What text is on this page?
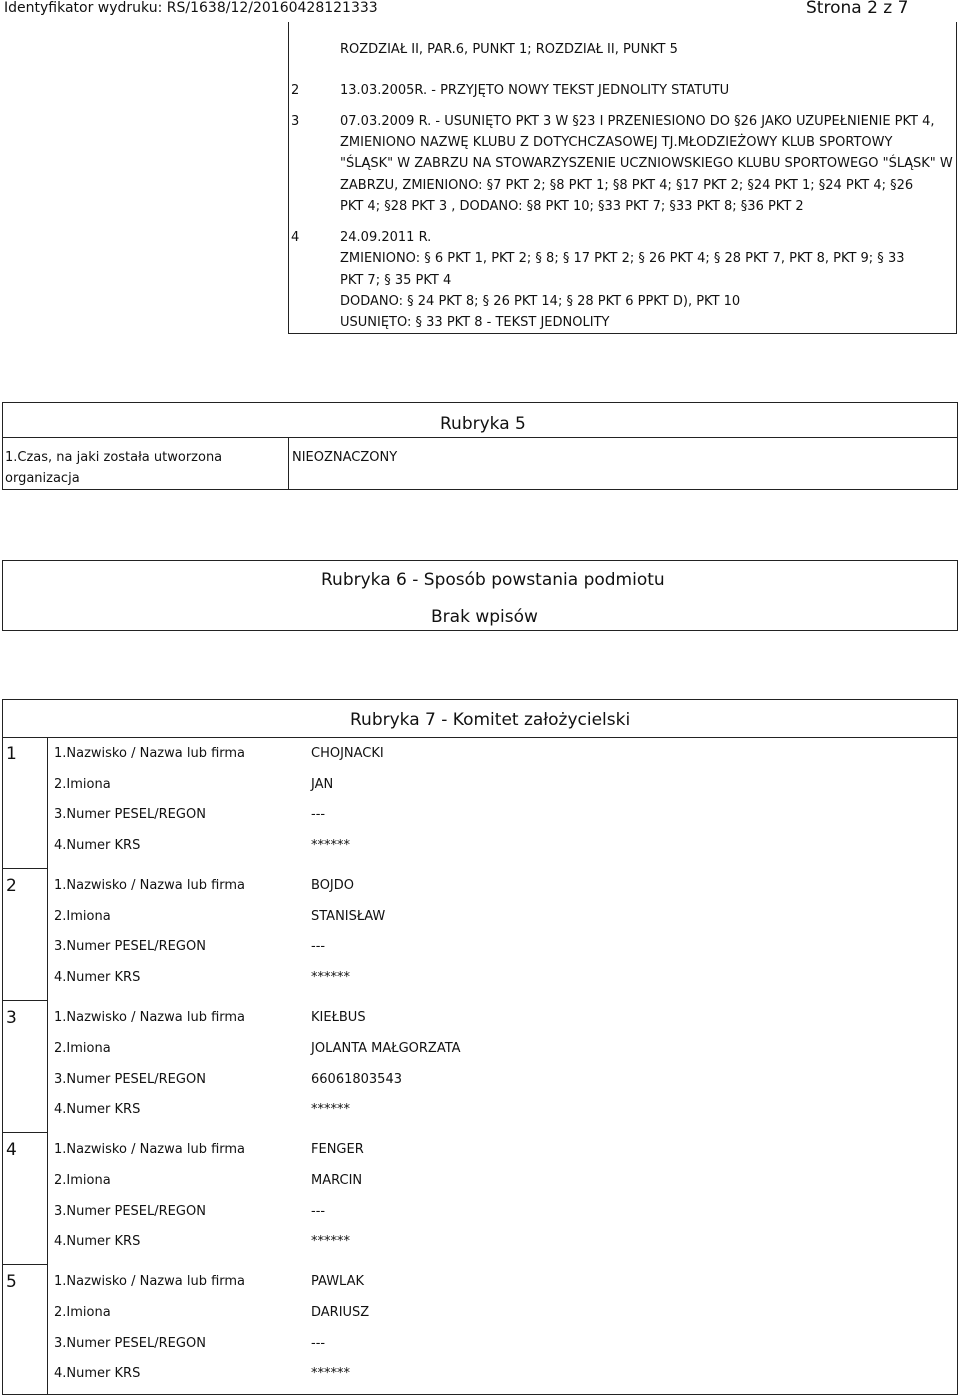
Identyfikator wydruku: RS/1638/12/20160428121333	Strona 2 z 7
ROZDZIAŁ II, PAR.6, PUNKT 1; ROZDZIAŁ II, PUNKT 5
2	13.03.2005R. - PRZYJĘTO NOWY TEKST JEDNOLITY STATUTU
3	07.03.2009 R. - USUNIĘTO PKT 3 W §23 I PRZENIESIONO DO §26 JAKO UZUPEŁNIENIE PKT 4,
ZMIENIONO NAZWĘ KLUBU Z DOTYCHCZASOWEJ TJ.MŁODZIEŻOWY KLUB SPORTOWY
"ŚLĄSK" W ZABRZU NA STOWARZYSZENIE UCZNIOWSKIEGO KLUBU SPORTOWEGO "ŚLĄSK" W
ZABRZU, ZMIENIONO: §7 PKT 2; §8 PKT 1; §8 PKT 4; §17 PKT 2; §24 PKT 1; §24 PKT 4; §26
PKT 4; §28 PKT 3 , DODANO: §8 PKT 10; §33 PKT 7; §33 PKT 8; §36 PKT 2
4	24.09.2011 R.
ZMIENIONO: § 6 PKT 1, PKT 2; § 8; § 17 PKT 2; § 26 PKT 4; § 28 PKT 7, PKT 8, PKT 9; § 33
PKT 7; § 35 PKT 4
DODANO: § 24 PKT 8; § 26 PKT 14; § 28 PKT 6 PPKT D), PKT 10
USUNIĘTO: § 33 PKT 8 - TEKST JEDNOLITY
Rubryka 5
1.Czas, na jaki została utworzona
organizacja
NIEOZNACZONY
Rubryka 6 - Sposób powstania podmiotu
Brak wpisów
Rubryka 7 - Komitet założycielski
1	1.Nazwisko / Nazwa lub firma	CHOJNACKI
2.Imiona	JAN
3.Numer PESEL/REGON	---
4.Numer KRS	******
2	1.Nazwisko / Nazwa lub firma	BOJDO
2.Imiona	STANISŁAW
3.Numer PESEL/REGON	---
4.Numer KRS	******
3	1.Nazwisko / Nazwa lub firma	KIEŁBUS
2.Imiona	JOLANTA MAŁGORZATA
3.Numer PESEL/REGON	66061803543
4.Numer KRS	******
4	1.Nazwisko / Nazwa lub firma	FENGER
2.Imiona	MARCIN
3.Numer PESEL/REGON	---
4.Numer KRS	******
5	1.Nazwisko / Nazwa lub firma	PAWLAK
2.Imiona	DARIUSZ
3.Numer PESEL/REGON	---
4.Numer KRS	******
